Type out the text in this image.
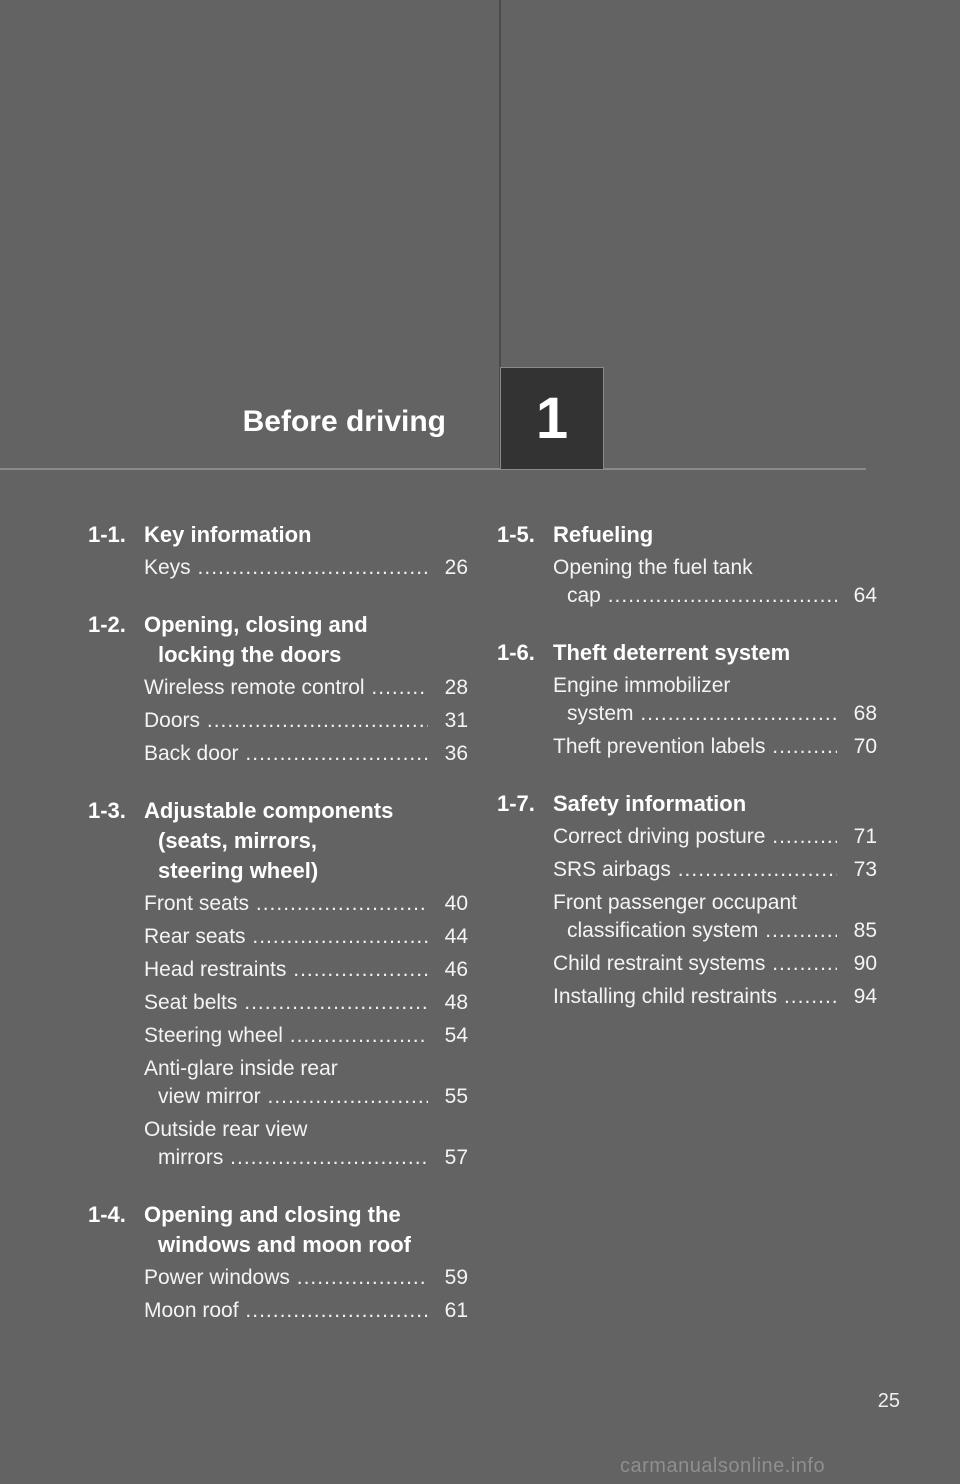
Before driving 1
1-1. Key information
Keys .....	26
1-2. Opening, closing and
locking the doors
Wireless remote control .....	28
Doors .....	31
Back door .....	36
1-3. Adjustable components
(seats, mirrors,
steering wheel)
Front seats .....	40
Rear seats .....	44
Head restraints .....	46
Seat belts .....	48
Steering wheel .....	54
Anti-glare inside rear
view mirror .....	55
Outside rear view
mirrors .....	57
1-4. Opening and closing the
windows and moon roof
Power windows .....	59
Moon roof .....	61
1-5. Refueling
Opening the fuel tank
cap .....	64
1-6. Theft deterrent system
Engine immobilizer
system .....	68
Theft prevention labels .....	70
1-7. Safety information
Correct driving posture .....	71
SRS airbags .....	73
Front passenger occupant
classification system .....	85
Child restraint systems .....	90
Installing child restraints .....	94
25
carmanualsonline.info
